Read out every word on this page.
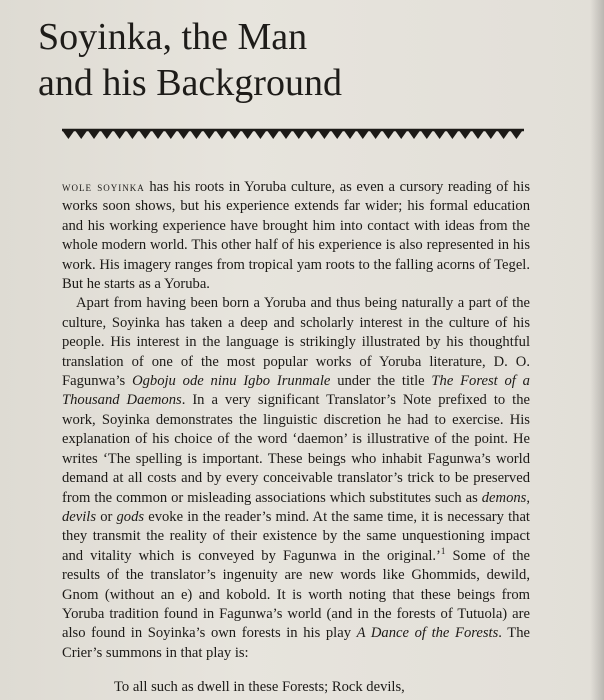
Soyinka, the Man
and his Background

wole soyinka has his roots in Yoruba culture, as even a cursory reading of his works soon shows, but his experience extends far wider; his formal education and his working experience have brought him into contact with ideas from the whole modern world. This other half of his experience is also represented in his work. His imagery ranges from tropical yam roots to the falling acorns of Tegel. But he starts as a Yoruba.

Apart from having been born a Yoruba and thus being naturally a part of the culture, Soyinka has taken a deep and scholarly interest in the culture of his people. His interest in the language is strikingly illustrated by his thoughtful translation of one of the most popular works of Yoruba literature, D. O. Fagunwa’s Ogboju ode ninu Igbo Irunmale under the title The Forest of a Thousand Daemons. In a very significant Translator’s Note prefixed to the work, Soyinka demonstrates the linguistic discretion he had to exercise. His explanation of his choice of the word ‘daemon’ is illustrative of the point. He writes ‘The spelling is important. These beings who inhabit Fagunwa’s world demand at all costs and by every conceivable translator’s trick to be preserved from the common or misleading associations which substitutes such as demons, devils or gods evoke in the reader’s mind. At the same time, it is necessary that they transmit the reality of their existence by the same unquestioning impact and vitality which is conveyed by Fagunwa in the original.’$^1$ Some of the results of the translator’s ingenuity are new words like Ghommids, dewild, Gnom (without an e) and kobold. It is worth noting that these beings from Yoruba tradition found in Fagunwa’s world (and in the forests of Tutuola) are also found in Soyinka’s own forests in his play A Dance of the Forests. The Crier’s summons in that play is:

To all such as dwell in these Forests; Rock devils,
